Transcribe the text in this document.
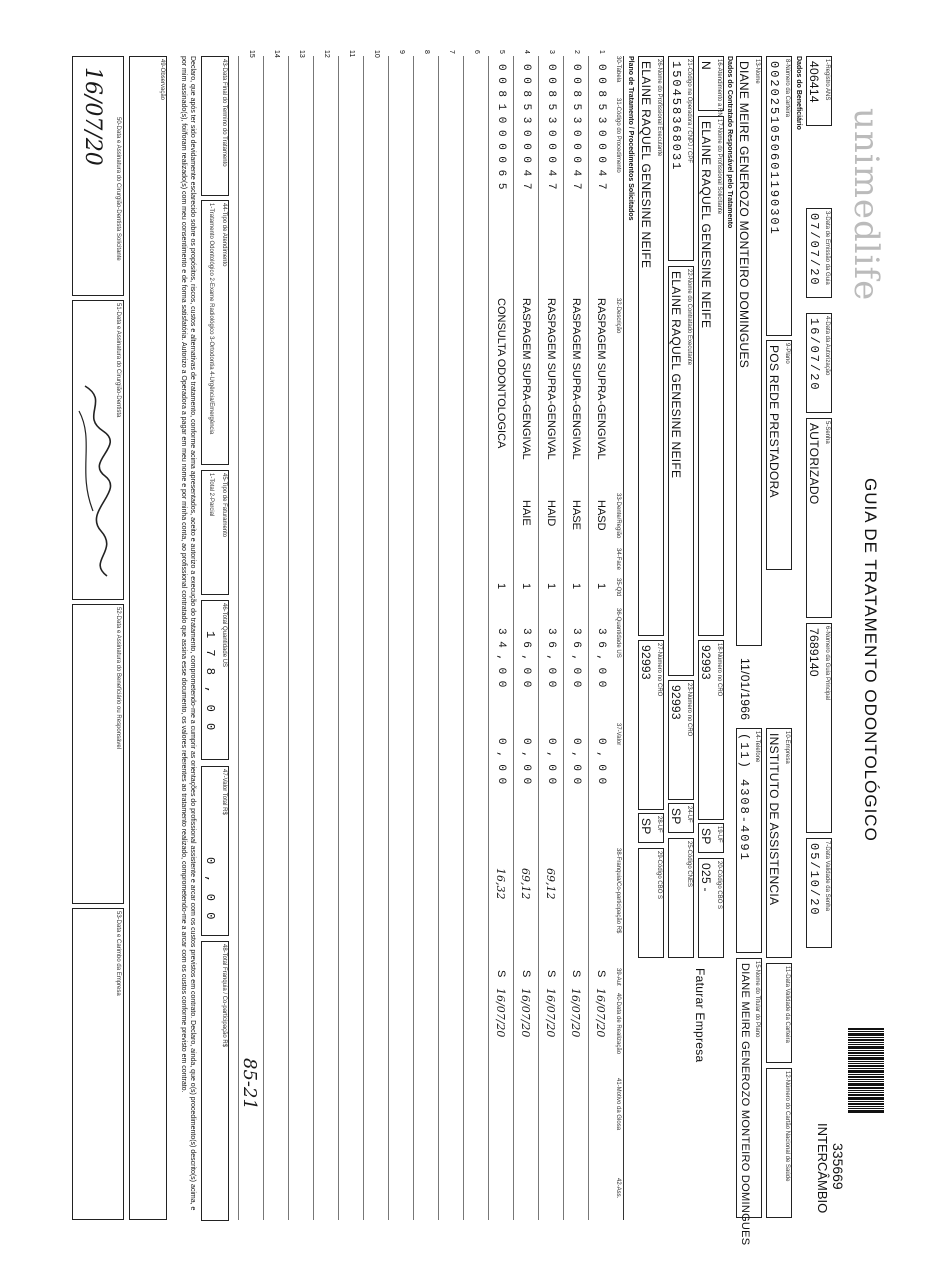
unimedlife
GUIA DE TRATAMENTO ODONTOLÓGICO
335669
INTERCÂMBIO
1-Registro ANS
406414
3-Data de Emissão da Guia
07/07/20
4-Data da Autorização
16/07/20
5-Senha
AUTORIZADO
6-Número da Guia Principal
7689140
7-Data Validade da Senha
05/10/20
Dados do Beneficiário
8-Número da Carteira
0020251050601190301
9-Plano
POS REDE PRESTADORA
10-Empresa
INSTITUTO DE ASSISTENCIA
11-Data Validade da Carteira
12-Número do Cartão Nacional de Saúde
13-Nome
DIANE MEIRE GENEROZO MONTEIRO DOMINGUES
11/01/1966
14-Telefone
(11) 4308-4091
15-Nome do Titular do Plano
DIANE MEIRE GENEROZO MONTEIRO DOMINGUES
Dados do Contratado Responsável pelo Tratamento
16-Atendimento a RN
N
17-Nome do Profissional Solicitante
ELAINE RAQUEL GENESINE NEIFE
18-Número no CRO
92993
19-UF
SP
20-Código CBO S
025 -
21-Código na Operadora / CNPJ / CPF
150458368031
22-Nome do Contratado Executante
ELAINE RAQUEL GENESINE NEIFE
23-Número no CRO
92993
24-UF
SP
25-Código CNES
Faturar Empresa
26-Nome do Profissional Executante
ELAINE RAQUEL GENESINE NEIFE
27-Número no CRO
92993
28-UF
SP
29-Código CBO S
Plano de Tratamento / Procedimentos Solicitados
30-Tabela
31-Código do Procedimento
32-Descrição
33-Dente/Região
34-Face
35-Qtd
36-Quantidade US
37-Valor
38-Franquia/Co-participação R$
39-Aut
40-Data de Realização
41-Motivo da Glosa
42-Ass.
1
0 0 8 5 3 0 0 0 4 7
RASPAGEM SUPRA-GENGIVAL
HASD
1
3 6 , 0 0
0 , 0 0
S
16/07/20
2
0 0 8 5 3 0 0 0 4 7
RASPAGEM SUPRA-GENGIVAL
HASE
1
3 6 , 0 0
0 , 0 0
S
16/07/20
3
0 0 8 5 3 0 0 0 4 7
RASPAGEM SUPRA-GENGIVAL
HAID
1
3 6 , 0 0
0 , 0 0
69,12
S
16/07/20
4
0 0 8 5 3 0 0 0 4 7
RASPAGEM SUPRA-GENGIVAL
HAIE
1
3 6 , 0 0
0 , 0 0
69,12
S
16/07/20
5
0 0 8 1 0 0 0 0 6 5
CONSULTA ODONTOLOGICA
1
3 4 , 0 0
0 , 0 0
16,32
S
16/07/20
6
7
8
9
10
11
12
13
14
15
43-Data Final do Termino do Tratamento
44-Tipo de Atendimento
1-Tratamento Odontológico 2-Exame Radiológico 3-Ortodontia 4-Urgência/Emergência
45-Tipo de Faturamento
1-Total 2-Parcial
46-Total Quantidade US
1 7 8 , 0 0
47-Valor Total R$
0 , 0 0
48-Total Franquia / Co-participação R$
85-21
Declaro, que após ter sido devidamente esclarecido sobre os propósitos, riscos, custos e alternativas de tratamento, conforme acima apresentados, aceito e autorizo a execução do tratamento, comprometendo-me a cumprir as orientações do profissional assistente e arcar com os custos previstos em contrato. Declaro, ainda, que o(s) procedimento(s) descrito(s) acima, e por mim assinado(s), foi/foram realizado(s) com meu consentimento e de forma satisfatória. Autorizo a Operadora a pagar em meu nome e por minha conta, ao profissional contratado que assina esse documento, os valores referentes ao tratamento realizado, comprometendo-me a arcar com os custos conforme previsto em contrato.
49-Observação
50-Data e Assinatura do Cirurgião-Dentista Solicitante
16/07/20
51-Data e Assinatura do Cirurgião-Dentista
52-Data e Assinatura do Beneficiário ou Responsável
53-Data e Carimbo da Empresa
